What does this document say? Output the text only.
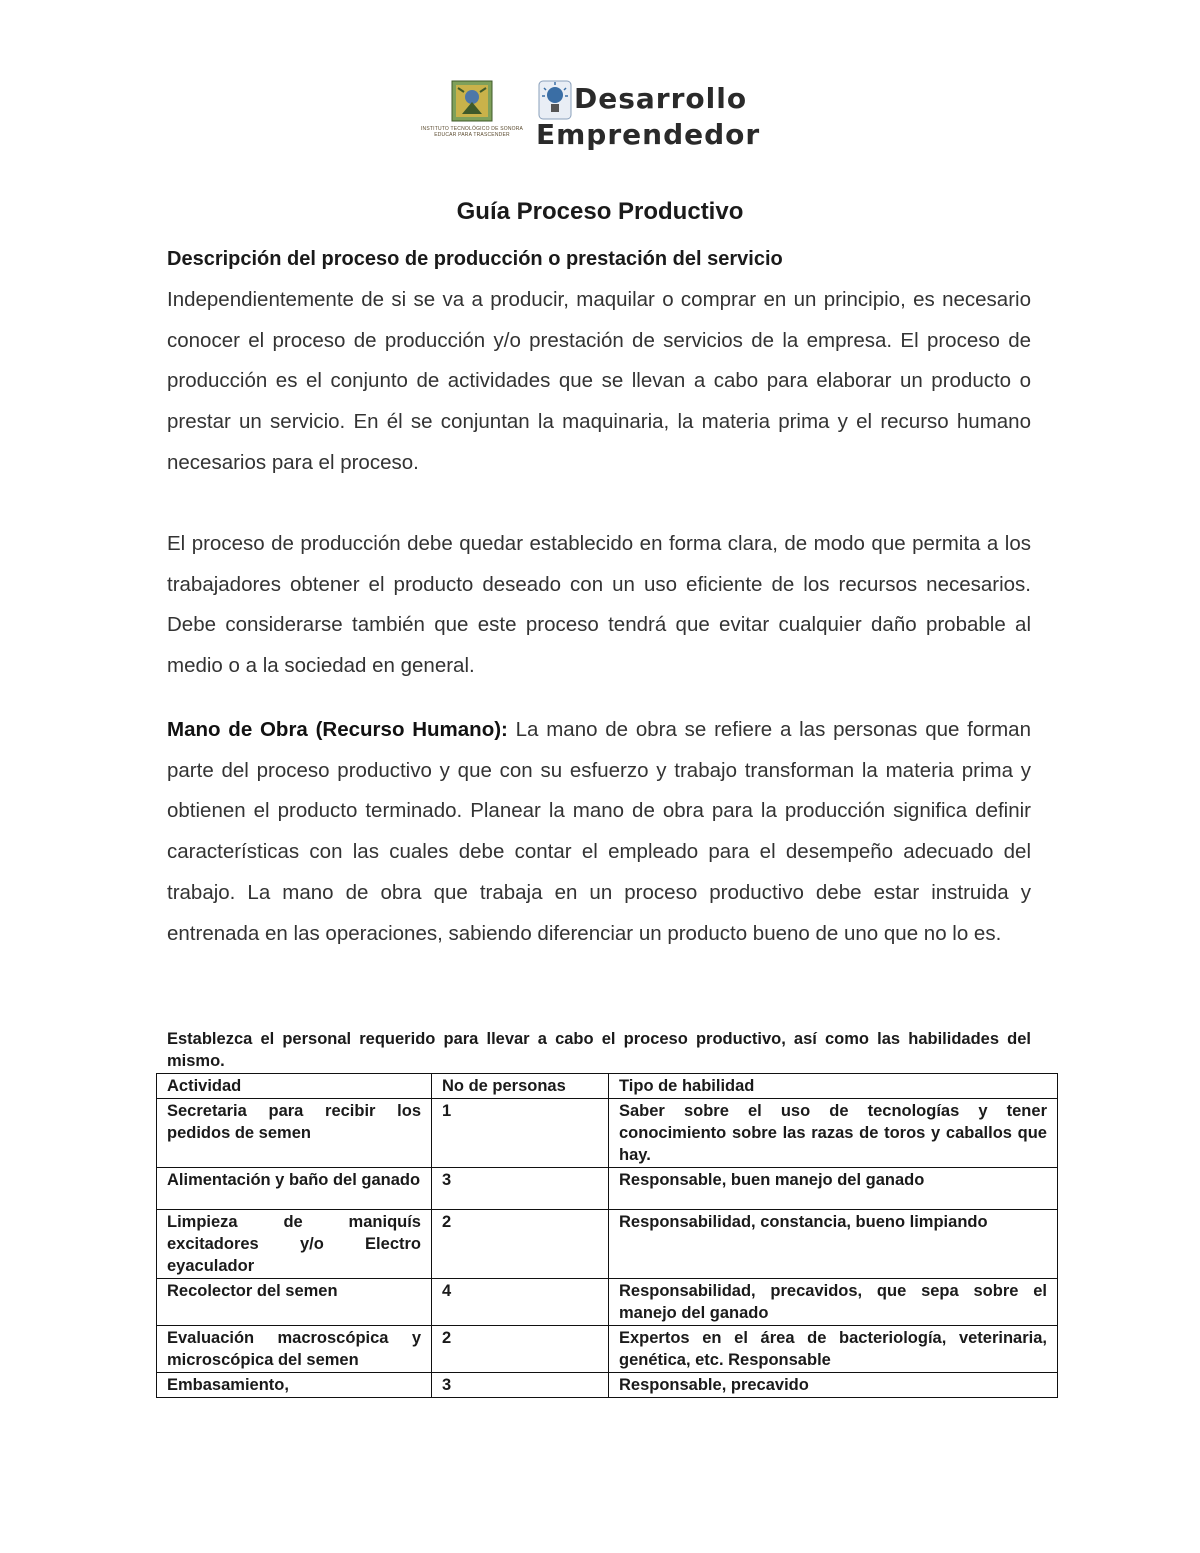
INSTITUTO TECNOLÓGICO DE SONORA
EDUCAR PARA TRASCENDER
Desarrollo
Emprendedor
Guía Proceso Productivo
Descripción del proceso de producción o prestación del servicio

Independientemente de si se va a producir, maquilar o comprar en un principio, es necesario conocer el proceso de producción y/o prestación de servicios de la empresa. El proceso de producción es el conjunto de actividades que se llevan a cabo para elaborar un producto o prestar un servicio. En él se conjuntan la maquinaria, la materia prima y el recurso humano necesarios para el proceso.

El proceso de producción debe quedar establecido en forma clara, de modo que permita a los trabajadores obtener el producto deseado con un uso eficiente de los recursos necesarios. Debe considerarse también que este proceso tendrá que evitar cualquier daño probable al medio o a la sociedad en general.

Mano de Obra (Recurso Humano): La mano de obra se refiere a las personas que forman parte del proceso productivo y que con su esfuerzo y trabajo transforman la materia prima y obtienen el producto terminado. Planear la mano de obra para la producción significa definir características con las cuales debe contar el empleado para el desempeño adecuado del trabajo. La mano de obra que trabaja en un proceso productivo debe estar instruida y entrenada en las operaciones, sabiendo diferenciar un producto bueno de uno que no lo es.

Establezca el personal requerido para llevar a cabo el proceso productivo, así como las habilidades del mismo.

Actividad	No de personas	Tipo de habilidad
Secretaria para recibir los pedidos de semen	1	Saber sobre el uso de tecnologías y tener conocimiento sobre las razas de toros y caballos que hay.
Alimentación y baño del ganado	3	Responsable, buen manejo del ganado
Limpieza de maniquís excitadores y/o Electro eyaculador	2	Responsabilidad, constancia, bueno limpiando
Recolector del semen	4	Responsabilidad, precavidos, que sepa sobre el manejo del ganado
Evaluación macroscópica y microscópica del semen	2	Expertos en el área de bacteriología, veterinaria, genética, etc. Responsable
Embasamiento,	3	Responsable, precavido
